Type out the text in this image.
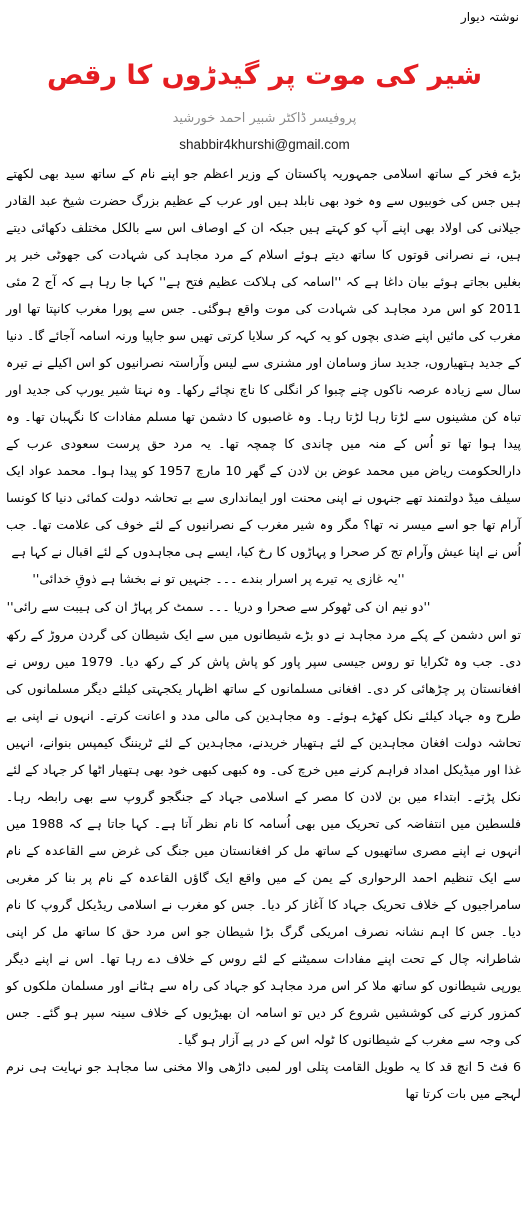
نوشتہ دیوار
شیر کی موت پر گیدڑوں کا رقص
پروفیسر ڈاکٹر شبیر احمد خورشید
shabbir4khurshi@gmail.com

بڑے فخر کے ساتھ اسلامی جمہوریہ پاکستان کے وزیر اعظم جو اپنے نام کے ساتھ سید بھی لکھتے ہیں جس کی خوبیوں سے وہ خود بھی نابلد ہیں اور عرب کے عظیم بزرگ حضرت شیخ عبد القادر جیلانی کی اولاد بھی اپنے آپ کو کہتے ہیں جبکہ ان کے اوصاف اس سے بالکل مختلف دکھائی دیتے ہیں، نے نصرانی قوتوں کا ساتھ دیتے ہوئے اسلام کے مرد مجاہد کی شہادت کی جھوٹی خبر پر بغلیں بجاتے ہوئے بیان داغا ہے کہ ''اسامہ کی ہلاکت عظیم فتح ہے'' کہا جا رہا ہے کہ آج 2 مئی 2011 کو اس مرد مجاہد کی شہادت کی موت واقع ہوگئی۔ جس سے پورا مغرب کانپتا تھا اور مغرب کی مائیں اپنے ضدی بچوں کو یہ کہہ کر سلایا کرتی تھیں سو جاپیا ورنہ اسامہ آجائے گا۔ دنیا کے جدید ہتھیاروں، جدید ساز وسامان اور مشنری سے لیس وآراستہ نصرانیوں کو اس اکیلے نے تیرہ سال سے زیادہ عرصہ ناکوں چنے چبوا کر انگلی کا ناچ نچائے رکھا۔ وہ نہتا شیر یورپ کی جدید اور تباہ کن مشینوں سے لڑتا رہا لڑتا رہا۔ وہ غاصبوں کا دشمن تھا مسلم مفادات کا نگہبان تھا۔ وہ پیدا ہوا تھا تو اُس کے منہ میں چاندی کا چمچہ تھا۔ یہ مرد حق پرست سعودی عرب کے دارالحکومت ریاض میں محمد عوض بن لادن کے گھر 10 مارچ 1957 کو پیدا ہوا۔ محمد عواد ایک سیلف میڈ دولتمند تھے جنہوں نے اپنی محنت اور ایمانداری سے بے تحاشہ دولت کمائی دنیا کا کونسا آرام تھا جو اسے میسر نہ تھا؟ مگر وہ شیر مغرب کے نصرانیوں کے لئے خوف کی علامت تھا۔ جب اُس نے اپنا عیش وآرام تج کر صحرا و پہاڑوں کا رخ کیا، ایسے ہی مجاہدوں کے لئے اقبال نے کہا ہے

''یہ غازی یہ تیرے پر اسرار بندے ۔۔۔ جنہیں تو نے بخشا ہے ذوقِ خدائی''
''دو نیم ان کی ٹھوکر سے صحرا و دریا ۔۔۔ سمٹ کر پہاڑ ان کی ہیبت سے رائی''

تو اس دشمن کے پکے مرد مجاہد نے دو بڑے شیطانوں میں سے ایک شیطان کی گردن مروڑ کے رکھ دی۔ جب وہ ٹکرایا تو روس جیسی سپر پاور کو پاش پاش کر کے رکھ دیا۔ 1979 میں روس نے افغانستان پر چڑھائی کر دی۔ افغانی مسلمانوں کے ساتھ اظہار یکجہتی کیلئے دیگر مسلمانوں کی طرح وہ جہاد کیلئے نکل کھڑے ہوئے۔ وہ مجاہدین کی مالی مدد و اعانت کرتے۔ انہوں نے اپنی بے تحاشہ دولت افغان مجاہدین کے لئے ہتھیار خریدنے، مجاہدین کے لئے ٹریننگ کیمپس بنوانے، انہیں غذا اور میڈیکل امداد فراہم کرنے میں خرچ کی۔ وہ کبھی کبھی خود بھی ہتھیار اٹھا کر جہاد کے لئے نکل پڑتے۔ ابتداء میں بن لادن کا مصر کے اسلامی جہاد کے جنگجو گروپ سے بھی رابطہ رہا۔ فلسطین میں انتفاضہ کی تحریک میں بھی اُسامہ کا نام نظر آتا ہے۔ کہا جاتا ہے کہ 1988 میں انہوں نے اپنے مصری ساتھیوں کے ساتھ مل کر افغانستان میں جنگ کی غرض سے القاعدہ کے نام سے ایک تنظیم احمد الرحواری کے یمن کے میں واقع ایک گاؤں القاعدہ کے نام پر بنا کر مغربی سامراجیوں کے خلاف تحریک جہاد کا آغاز کر دیا۔ جس کو مغرب نے اسلامی ریڈیکل گروپ کا نام دیا۔ جس کا اہم نشانہ نصرف امریکی گرگ بڑا شیطان جو اس مرد حق کا ساتھ مل کر اپنی شاطرانہ چال کے تحت اپنے مفادات سمیٹنے کے لئے روس کے خلاف دے رہا تھا۔ اس نے اپنے دیگر یورپی شیطانوں کو ساتھ ملا کر اس مرد مجاہد کو جہاد کی راہ سے ہٹانے اور مسلمان ملکوں کو کمزور کرنے کی کوششیں شروع کر دیں تو اسامہ ان بھیڑیوں کے خلاف سینہ سپر ہو گئے۔ جس کی وجہ سے مغرب کے شیطانوں کا ٹولہ اس کے در پے آزار ہو گیا۔

6 فٹ 5 انچ قد کا یہ طویل القامت پتلی اور لمبی داڑھی والا مخنی سا مجاہد جو نہایت ہی نرم لہجے میں بات کرتا تھا
